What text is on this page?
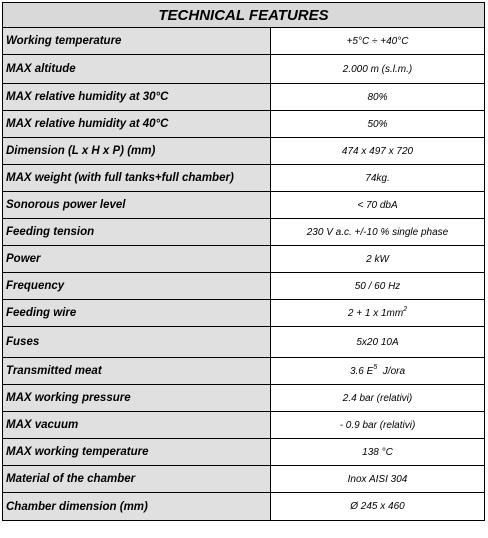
TECHNICAL FEATURES
Working temperature	+5°C ÷ +40°C
MAX altitude	2.000 m (s.l.m.)
MAX relative humidity at 30°C	80%
MAX relative humidity at 40°C	50%
Dimension (L x H x P) (mm)	474 x 497 x 720
MAX weight (with full tanks+full chamber)	74kg.
Sonorous power level	< 70 dbA
Feeding tension	230 V a.c. +/-10 % single phase
Power	2 kW
Frequency	50 / 60 Hz
Feeding wire	2 + 1 x 1mm 2
Fuses	5x20 10A
Transmitted meat	3.6 E 5 J/ora
MAX working pressure	2.4 bar (relativi)
MAX vacuum	- 0.9 bar (relativi)
MAX working temperature	138 °C
Material of the chamber	Inox AISI 304
Chamber dimension (mm)	Ø 245 x 460
